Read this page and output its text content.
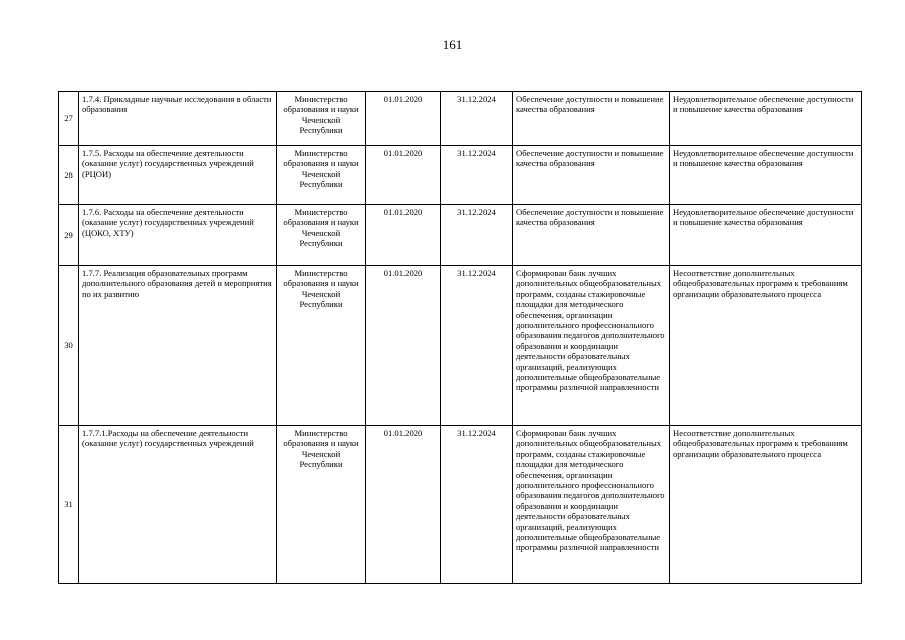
161
27	1.7.4. Прикладные научные исследования в области образования	Министерство образования и науки Чеченской Республики	01.01.2020	31.12.2024	Обеспечение доступности и повышение качества образования	Неудовлетворительное обеспечение доступности и повышение качества образования
28	1.7.5. Расходы на обеспечение деятельности (оказание услуг) государственных учреждений (РЦОИ)	Министерство образования и науки Чеченской Республики	01.01.2020	31.12.2024	Обеспечение доступности и повышение качества образования	Неудовлетворительное обеспечение доступности и повышение качества образования
29	1.7.6. Расходы на обеспечение деятельности (оказание услуг) государственных учреждений (ЦОКО, ХТУ)	Министерство образования и науки Чеченской Республики	01.01.2020	31.12.2024	Обеспечение доступности и повышение качества образования	Неудовлетворительное обеспечение доступности и повышение качества образования
30	1.7.7. Реализация образовательных программ дополнительного образования детей и мероприятия по их развитию	Министерство образования и науки Чеченской Республики	01.01.2020	31.12.2024	Сформирован банк лучших дополнительных общеобразовательных программ, созданы стажировочные площадки для методического обеспечения, организации дополнительного профессионального образования педагогов дополнительного образования и координации деятельности образовательных организаций, реализующих дополнительные общеобразовательные программы различной направленности	Несоответствие дополнительных общеобразовательных программ к требованиям организации образовательного процесса
31	1.7.7.1.Расходы на обеспечение деятельности (оказание услуг) государственных учреждений	Министерство образования и науки Чеченской Республики	01.01.2020	31.12.2024	Сформирован банк лучших дополнительных общеобразовательных программ, созданы стажировочные площадки для методического обеспечения, организации дополнительного профессионального образования педагогов дополнительного образования и координации деятельности образовательных организаций, реализующих дополнительные общеобразовательные программы различной направленности	Несоответствие дополнительных общеобразовательных программ к требованиям организации образовательного процесса
